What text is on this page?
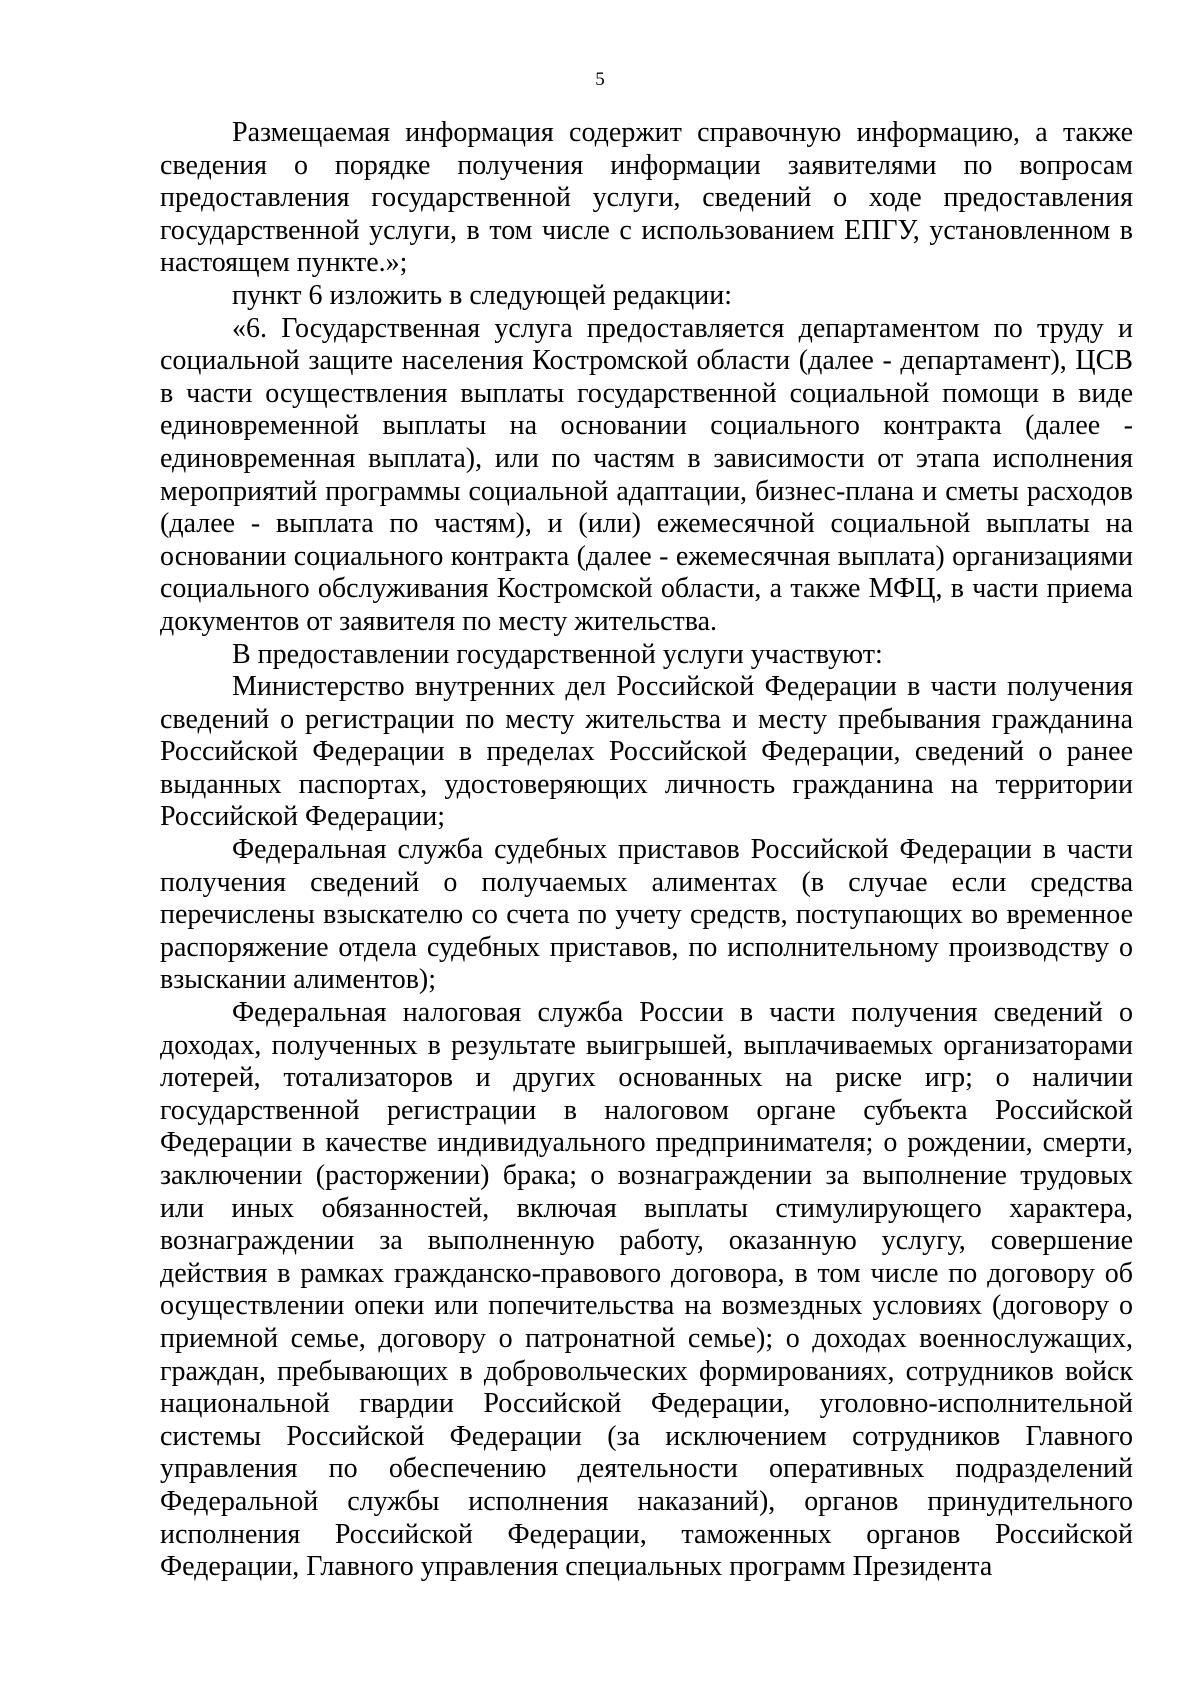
5

Размещаемая информация содержит справочную информацию, а также сведения о порядке получения информации заявителями по вопросам предоставления государственной услуги, сведений о ходе предоставления государственной услуги, в том числе с использованием ЕПГУ, установленном в настоящем пункте.»;

пункт 6 изложить в следующей редакции:

«6. Государственная услуга предоставляется департаментом по труду и социальной защите населения Костромской области (далее - департамент), ЦСВ в части осуществления выплаты государственной социальной помощи в виде единовременной выплаты на основании социального контракта (далее - единовременная выплата), или по частям в зависимости от этапа исполнения мероприятий программы социальной адаптации, бизнес-плана и сметы расходов (далее - выплата по частям), и (или) ежемесячной социальной выплаты на основании социального контракта (далее - ежемесячная выплата) организациями социального обслуживания Костромской области, а также МФЦ, в части приема документов от заявителя по месту жительства.

В предоставлении государственной услуги участвуют:

Министерство внутренних дел Российской Федерации в части получения сведений о регистрации по месту жительства и месту пребывания гражданина Российской Федерации в пределах Российской Федерации, сведений о ранее выданных паспортах, удостоверяющих личность гражданина на территории Российской Федерации;

Федеральная служба судебных приставов Российской Федерации в части получения сведений о получаемых алиментах (в случае если средства перечислены взыскателю со счета по учету средств, поступающих во временное распоряжение отдела судебных приставов, по исполнительному производству о взыскании алиментов);

Федеральная налоговая служба России в части получения сведений о доходах, полученных в результате выигрышей, выплачиваемых организаторами лотерей, тотализаторов и других основанных на риске игр; о наличии государственной регистрации в налоговом органе субъекта Российской Федерации в качестве индивидуального предпринимателя; о рождении, смерти, заключении (расторжении) брака; о вознаграждении за выполнение трудовых или иных обязанностей, включая выплаты стимулирующего характера, вознаграждении за выполненную работу, оказанную услугу, совершение действия в рамках гражданско-правового договора, в том числе по договору об осуществлении опеки или попечительства на возмездных условиях (договору о приемной семье, договору о патронатной семье); о доходах военнослужащих, граждан, пребывающих в добровольческих формированиях, сотрудников войск национальной гвардии Российской Федерации, уголовно-исполнительной системы Российской Федерации (за исключением сотрудников Главного управления по обеспечению деятельности оперативных подразделений Федеральной службы исполнения наказаний), органов принудительного исполнения Российской Федерации, таможенных органов Российской Федерации, Главного управления специальных программ Президента
